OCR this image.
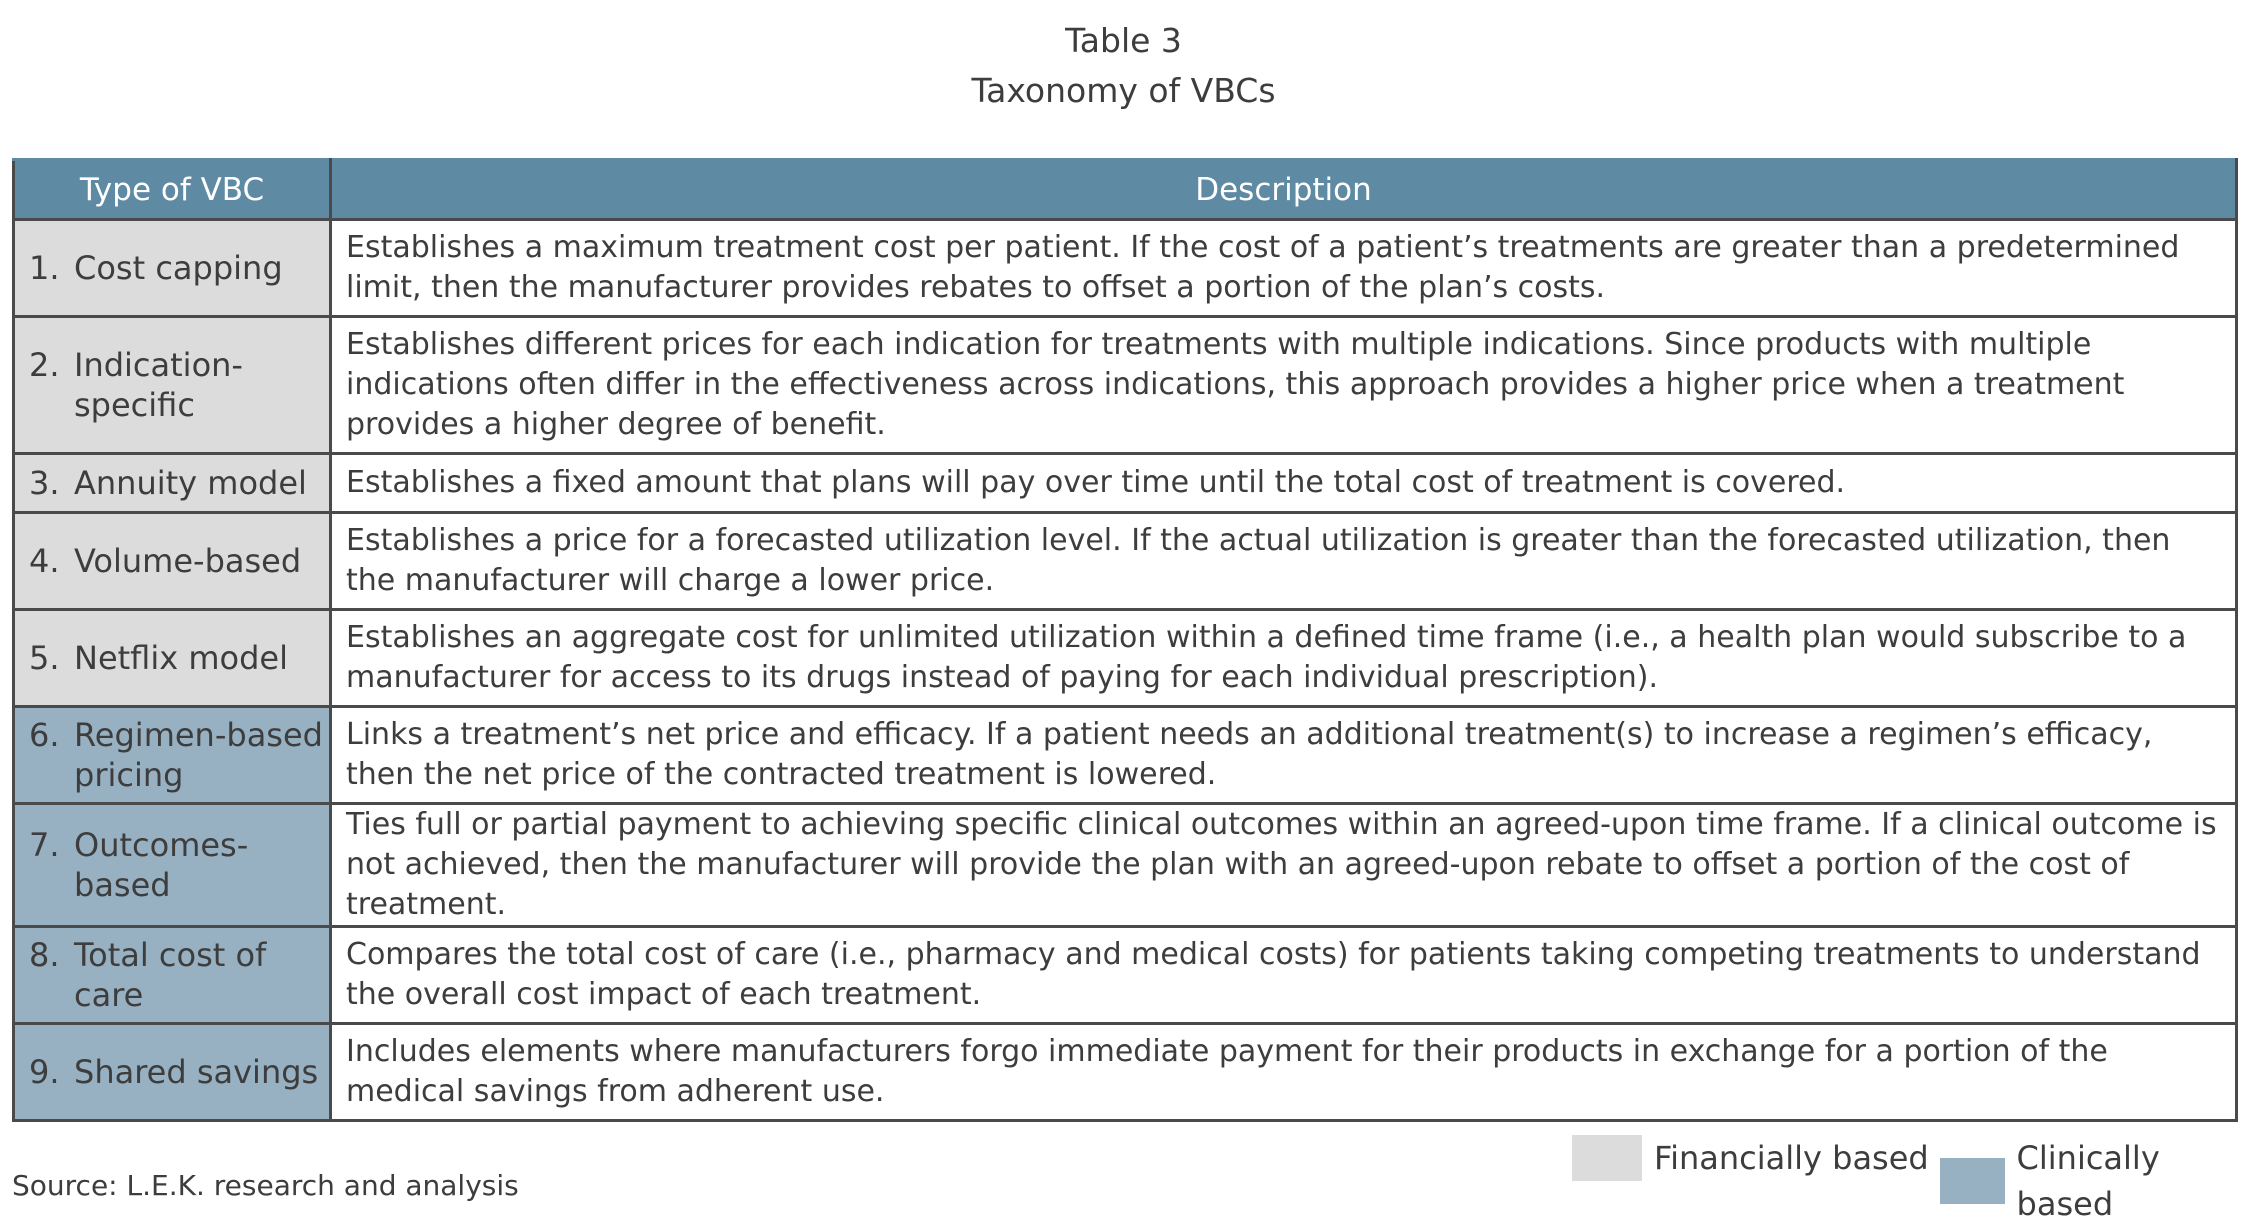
Table 3
Taxonomy of VBCs
Type of VBC	Description

1. Cost capping	Establishes a maximum treatment cost per patient. If the cost of a patient’s treatments are greater than a predetermined limit, then the manufacturer provides rebates to offset a portion of the plan’s costs.

2. Indication-specific	Establishes different prices for each indication for treatments with multiple indications. Since products with multiple indications often differ in the effectiveness across indications, this approach provides a higher price when a treatment provides a higher degree of benefit.

3. Annuity model	Establishes a fixed amount that plans will pay over time until the total cost of treatment is covered.

4. Volume-based	Establishes a price for a forecasted utilization level. If the actual utilization is greater than the forecasted utilization, then the manufacturer will charge a lower price.

5. Netflix model	Establishes an aggregate cost for unlimited utilization within a defined time frame (i.e., a health plan would subscribe to a manufacturer for access to its drugs instead of paying for each individual prescription).

6. Regimen-based pricing	Links a treatment’s net price and efficacy. If a patient needs an additional treatment(s) to increase a regimen’s efficacy, then the net price of the contracted treatment is lowered.

7. Outcomes-based	Ties full or partial payment to achieving specific clinical outcomes within an agreed-upon time frame. If a clinical outcome is not achieved, then the manufacturer will provide the plan with an agreed-upon rebate to offset a portion of the cost of treatment.

8. Total cost of care	Compares the total cost of care (i.e., pharmacy and medical costs) for patients taking competing treatments to understand the overall cost impact of each treatment.

9. Shared savings	Includes elements where manufacturers forgo immediate payment for their products in exchange for a portion of the medical savings from adherent use.
Financially based	Clinically based
Source: L.E.K. research and analysis
